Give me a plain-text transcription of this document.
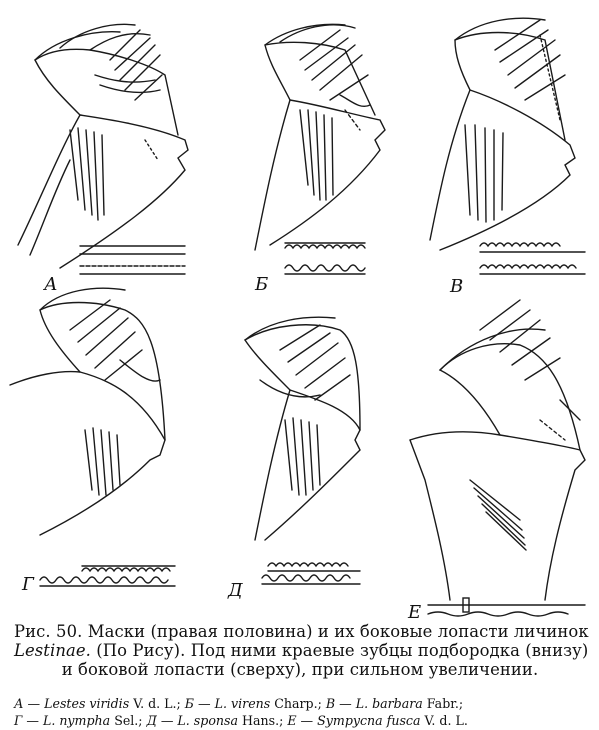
А	Б	В
Г	Д
Е
Рис. 50. Маски (правая половина) и их боковые лопасти личинок
Lestinae. (По Рису). Под ними краевые зубцы подбородка (внизу)
и боковой лопасти (сверху), при сильном увеличении.
А — Lestes viridis V. d. L.; Б — L. virens Charp.; В — L. barbara Fabr.;
Г — L. nympha Sel.; Д — L. sponsa Hans.; Е — Sympycna fusca V. d. L.
